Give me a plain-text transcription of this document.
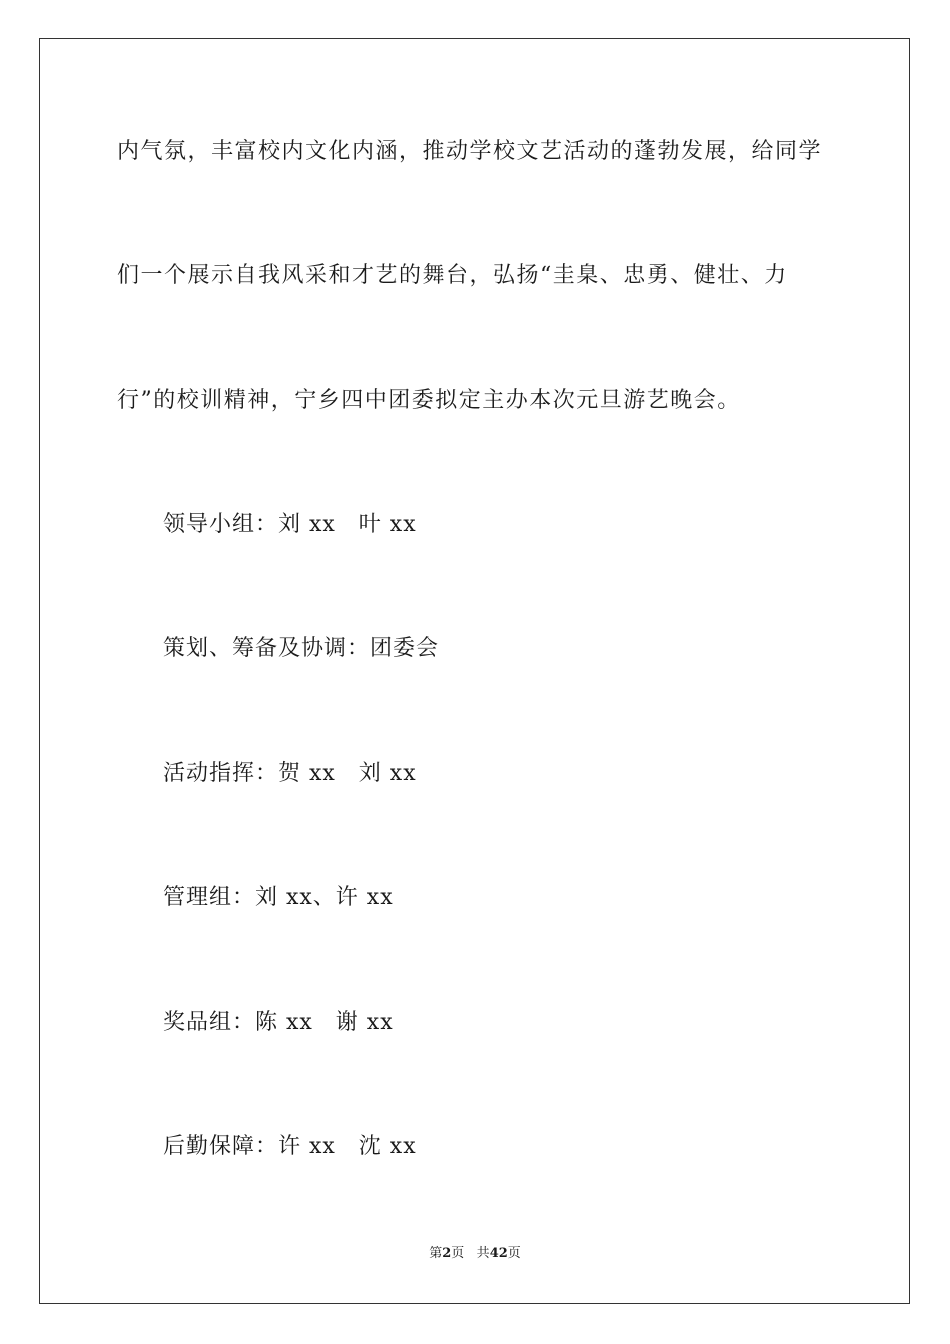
内气氛，丰富校内文化内涵，推动学校文艺活动的蓬勃发展，给同学
们一个展示自我风采和才艺的舞台，弘扬“圭臬、忠勇、健壮、力
行”的校训精神，宁乡四中团委拟定主办本次元旦游艺晚会。
领导小组：刘 xx　叶 xx
策划、筹备及协调：团委会
活动指挥：贺 xx　刘 xx
管理组：刘 xx、许 xx
奖品组：陈 xx　谢 xx
后勤保障：许 xx　沈 xx
第2页 共42页
